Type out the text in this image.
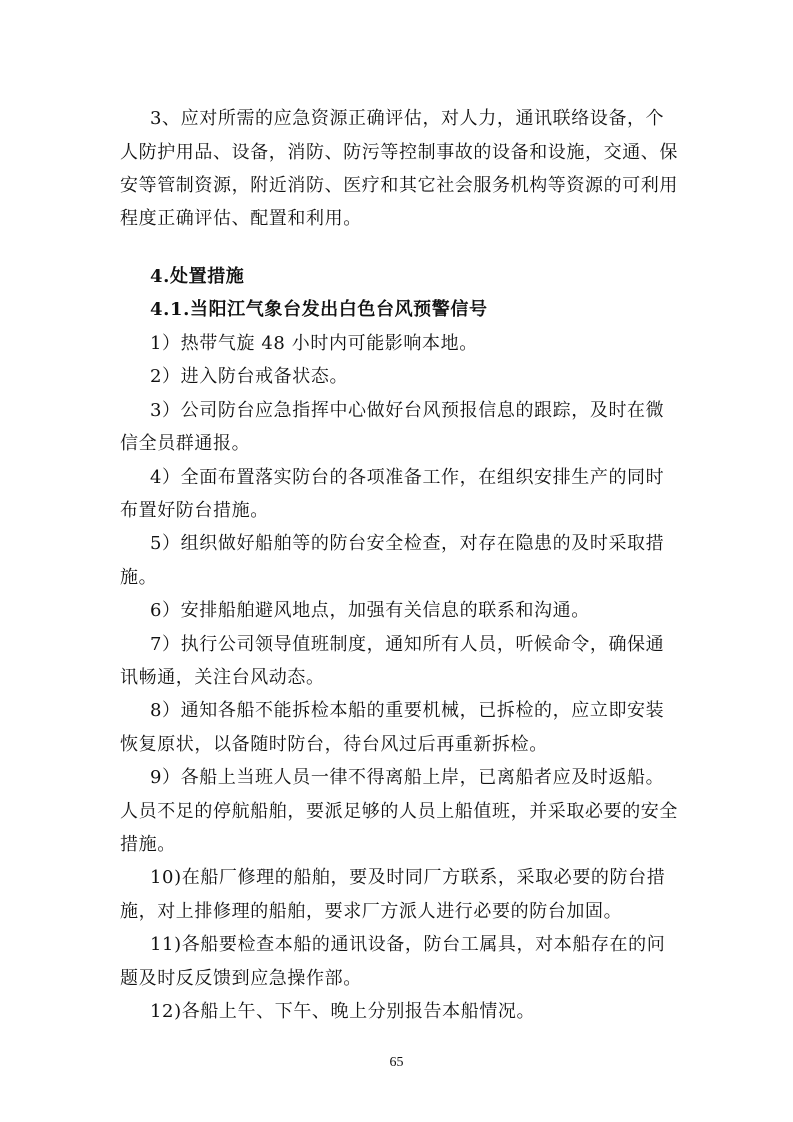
3、应对所需的应急资源正确评估，对人力，通讯联络设备，个
人防护用品、设备，消防、防污等控制事故的设备和设施，交通、保
安等管制资源，附近消防、医疗和其它社会服务机构等资源的可利用
程度正确评估、配置和利用。
4.处置措施
4.1.当阳江气象台发出白色台风预警信号
1）热带气旋 48 小时内可能影响本地。
2）进入防台戒备状态。
3）公司防台应急指挥中心做好台风预报信息的跟踪，及时在微
信全员群通报。
4）全面布置落实防台的各项准备工作，在组织安排生产的同时
布置好防台措施。
5）组织做好船舶等的防台安全检查，对存在隐患的及时采取措
施。
6）安排船舶避风地点，加强有关信息的联系和沟通。
7）执行公司领导值班制度，通知所有人员，听候命令，确保通
讯畅通，关注台风动态。
8）通知各船不能拆检本船的重要机械，已拆检的，应立即安装
恢复原状，以备随时防台，待台风过后再重新拆检。
9）各船上当班人员一律不得离船上岸，已离船者应及时返船。
人员不足的停航船舶，要派足够的人员上船值班，并采取必要的安全
措施。
10)在船厂修理的船舶，要及时同厂方联系，采取必要的防台措
施，对上排修理的船舶，要求厂方派人进行必要的防台加固。
11)各船要检查本船的通讯设备，防台工属具，对本船存在的问
题及时反反馈到应急操作部。
12)各船上午、下午、晚上分别报告本船情况。
65
